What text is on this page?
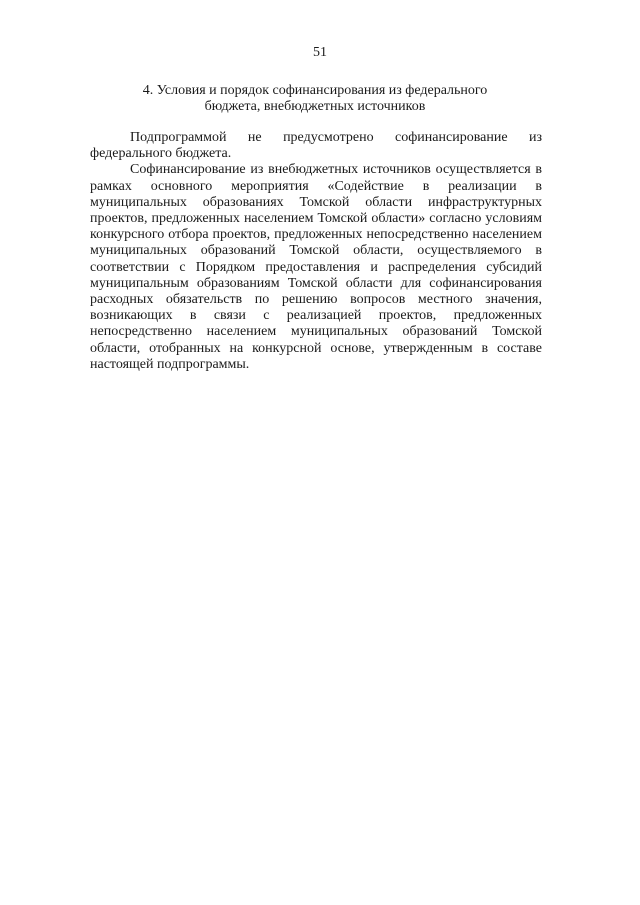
51
4. Условия и порядок софинансирования из федерального
бюджета, внебюджетных источников

Подпрограммой не предусмотрено софинансирование из федерального бюджета.

Софинансирование из внебюджетных источников осуществляется в рамках основного мероприятия «Содействие в реализации в муниципальных образованиях Томской области инфраструктурных проектов, предложенных населением Томской области» согласно условиям конкурсного отбора проектов, предложенных непосредственно населением муниципальных образований Томской области, осуществляемого в соответствии с Порядком предоставления и распределения субсидий муниципальным образованиям Томской области для софинансирования расходных обязательств по решению вопросов местного значения, возникающих в связи с реализацией проектов, предложенных непосредственно населением муниципальных образований Томской области, отобранных на конкурсной основе, утвержденным в составе настоящей подпрограммы.
